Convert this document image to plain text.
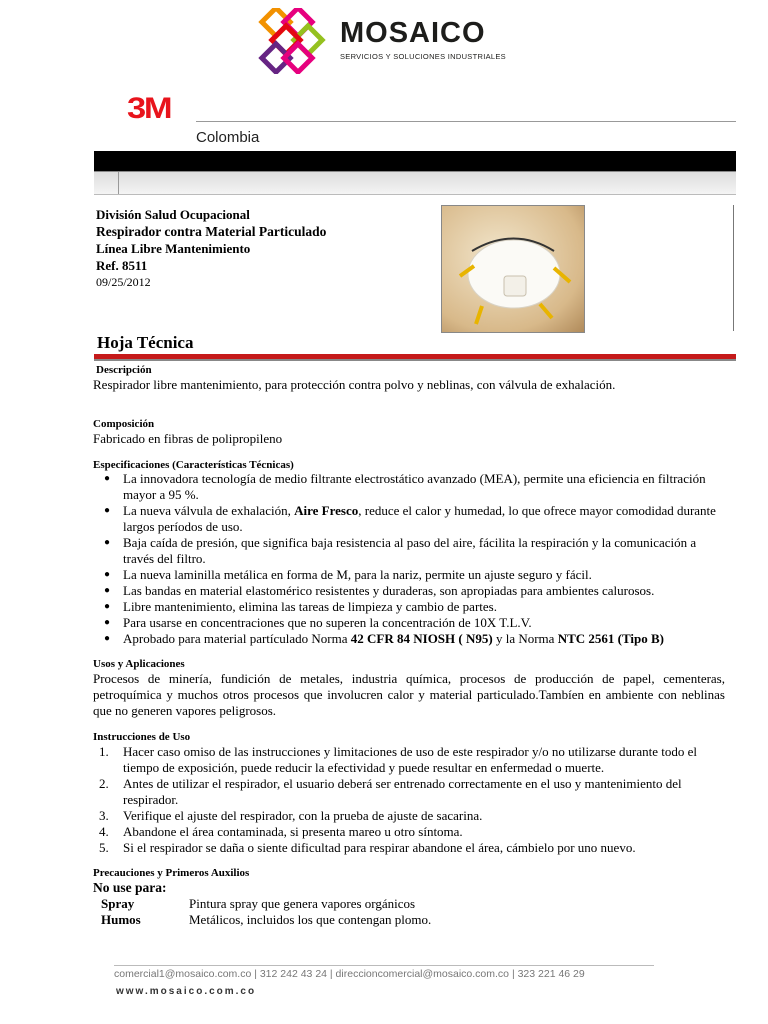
MOSAICO
SERVICIOS Y SOLUCIONES INDUSTRIALES
3M
Colombia
División Salud Ocupacional
Respirador contra Material Particulado
Línea Libre Mantenimiento
Ref. 8511
09/25/2012
Hoja Técnica
Descripción
Respirador libre mantenimiento, para protección contra polvo y neblinas, con válvula de exhalación.
Composición
Fabricado en fibras de polipropileno
Especificaciones (Características Técnicas)
● La innovadora tecnología de medio filtrante electrostático avanzado (MEA), permite una eficiencia en filtración mayor a 95 %.
● La nueva válvula de exhalación, Aire Fresco, reduce el calor y humedad, lo que ofrece mayor comodidad durante largos períodos de uso.
● Baja caída de presión, que significa baja resistencia al paso del aire, fácilita la respiración y la comunicación a través del filtro.
● La nueva laminilla metálica en forma de M, para la nariz, permite un ajuste seguro y fácil.
● Las bandas en material elastomérico resistentes y duraderas, son apropiadas para ambientes calurosos.
● Libre mantenimiento, elimina las tareas de limpieza y cambio de partes.
● Para usarse en concentraciones que no superen la concentración de 10X T.L.V.
● Aprobado para material partículado Norma 42 CFR 84 NIOSH ( N95) y la Norma NTC 2561 (Tipo B)
Usos y Aplicaciones
Procesos de minería, fundición de metales, industria química, procesos de producción de papel, cementeras, petroquímica y muchos otros procesos que involucren calor y material particulado.Tambíen en ambiente con neblinas que no generen vapores peligrosos.
Instrucciones de Uso
1. Hacer caso omiso de las instrucciones y limitaciones de uso de este respirador y/o no utilizarse durante todo el tiempo de exposición, puede reducir la efectividad y puede resultar en enfermedad o muerte.
2. Antes de utilizar el respirador, el usuario deberá ser entrenado correctamente en el uso y mantenimiento del respirador.
3. Verifique el ajuste del respirador, con la prueba de ajuste de sacarina.
4. Abandone el área contaminada, si presenta mareo u otro síntoma.
5. Si el respirador se daña o siente dificultad para respirar abandone el área, cámbielo por uno nuevo.
Precauciones y Primeros Auxilios
No use para:
Spray	Pintura spray que genera vapores orgánicos
Humos	Metálicos, incluidos los que contengan plomo.
comercial1@mosaico.com.co | 312 242 43 24 | direccioncomercial@mosaico.com.co | 323 221 46 29
www.mosaico.com.co
